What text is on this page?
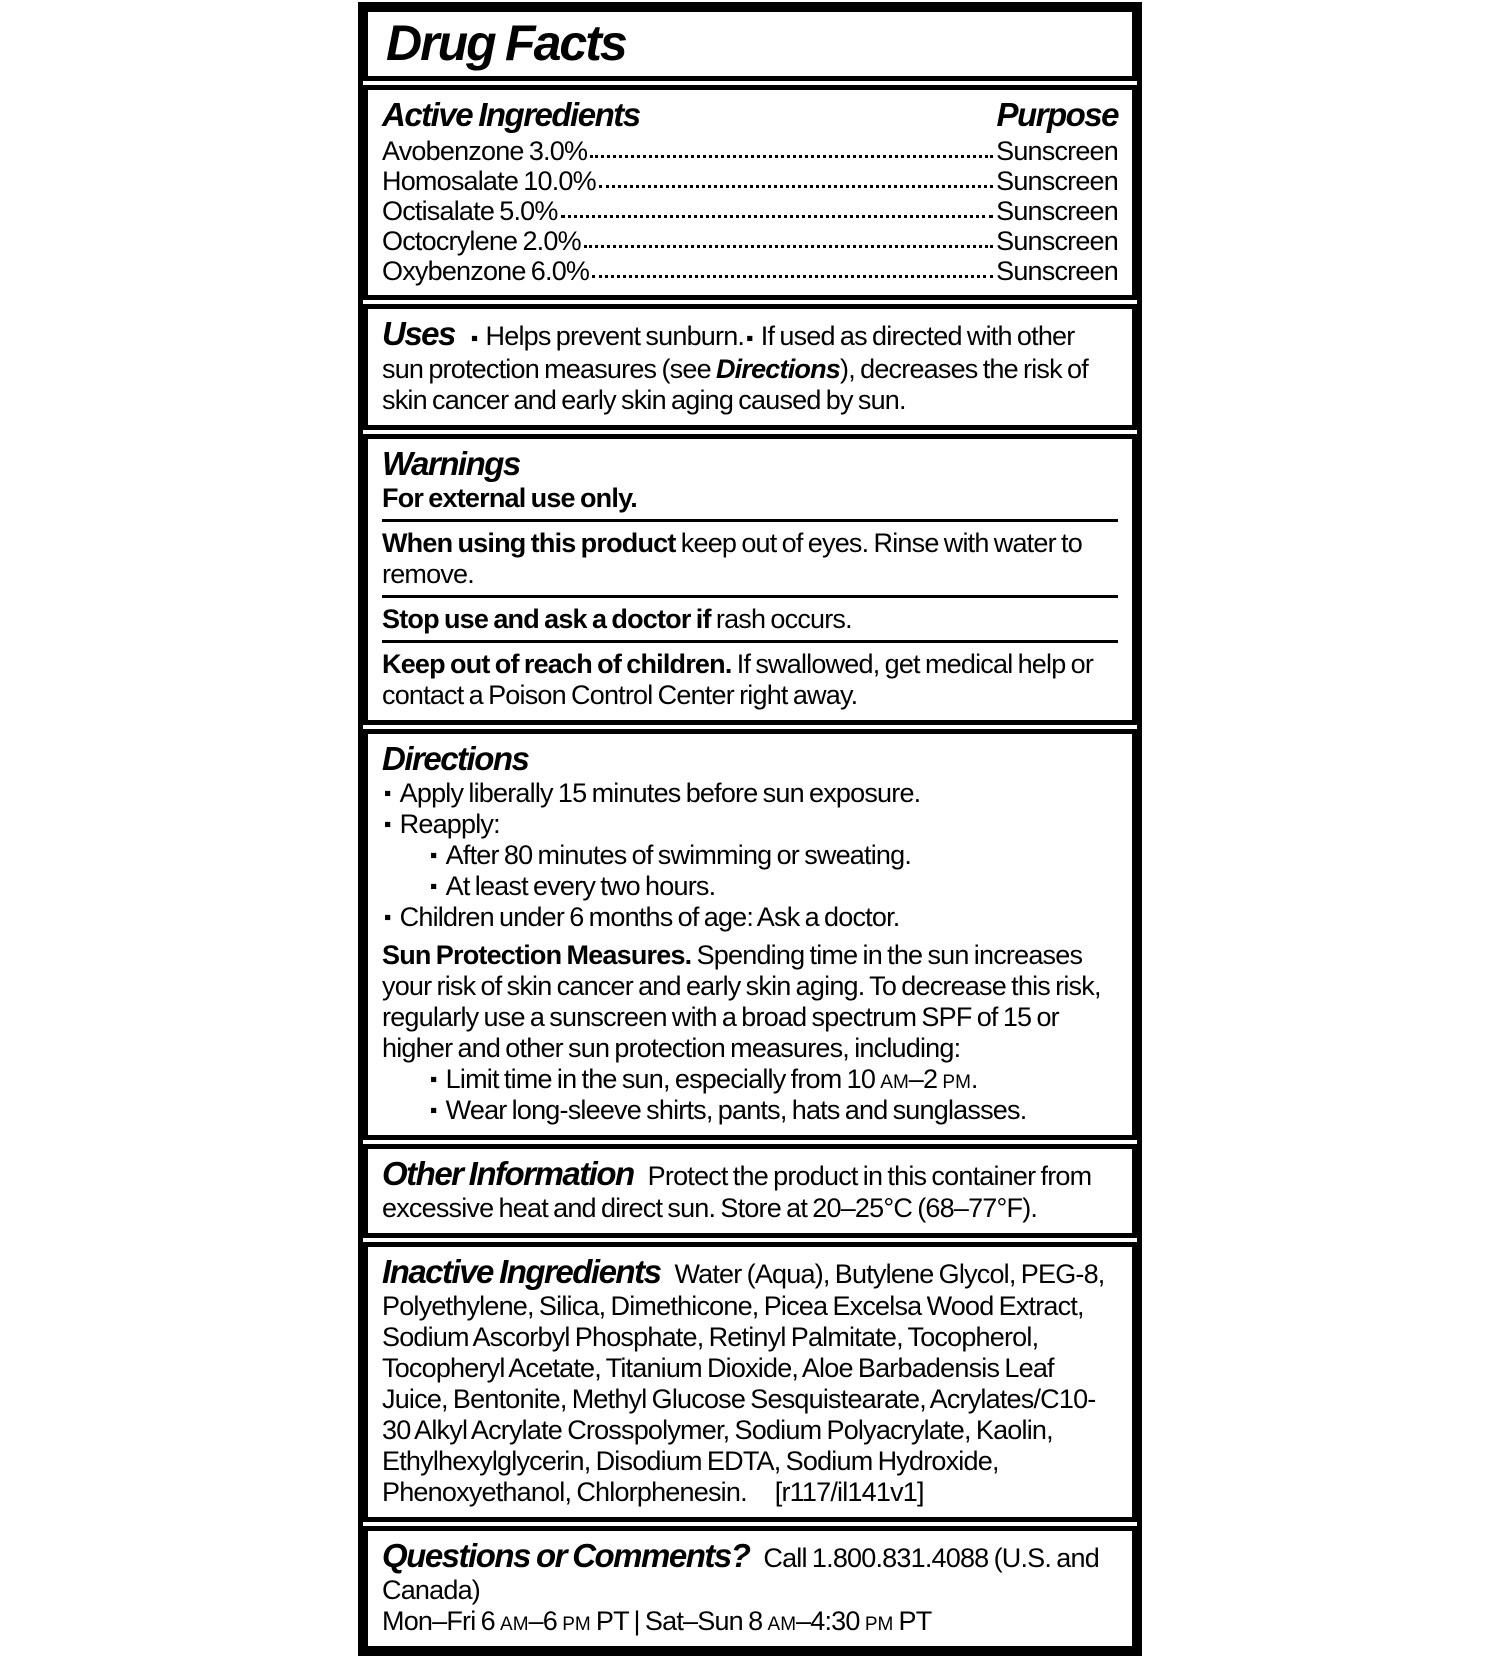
Drug Facts
Active Ingredients	Purpose
Avobenzone 3.0%	Sunscreen
Homosalate 10.0%	Sunscreen
Octisalate 5.0%	Sunscreen
Octocrylene 2.0%	Sunscreen
Oxybenzone 6.0%	Sunscreen

Uses ▪ Helps prevent sunburn.▪ If used as directed with other sun protection measures (see Directions), decreases the risk of skin cancer and early skin aging caused by sun.

Warnings

For external use only.

When using this product keep out of eyes. Rinse with water to remove.

Stop use and ask a doctor if rash occurs.

Keep out of reach of children. If swallowed, get medical help or contact a Poison Control Center right away.

Directions
▪ Apply liberally 15 minutes before sun exposure.
▪ Reapply:
▪ After 80 minutes of swimming or sweating.
▪ At least every two hours.
▪ Children under 6 months of age: Ask a doctor.

Sun Protection Measures. Spending time in the sun increases your risk of skin cancer and early skin aging. To decrease this risk, regularly use a sunscreen with a broad spectrum SPF of 15 or higher and other sun protection measures, including:

▪ Limit time in the sun, especially from 10 am–2 pm.
▪ Wear long-sleeve shirts, pants, hats and sunglasses.

Other Information Protect the product in this container from excessive heat and direct sun. Store at 20–25°C (68–77°F).

Inactive Ingredients Water (Aqua), Butylene Glycol, PEG-8, Polyethylene, Silica, Dimethicone, Picea Excelsa Wood Extract, Sodium Ascorbyl Phosphate, Retinyl Palmitate, Tocopherol, Tocopheryl Acetate, Titanium Dioxide, Aloe Barbadensis Leaf Juice, Bentonite, Methyl Glucose Sesquistearate, Acrylates/C10-30 Alkyl Acrylate Crosspolymer, Sodium Polyacrylate, Kaolin, Ethylhexylglycerin, Disodium EDTA, Sodium Hydroxide, Phenoxyethanol, Chlorphenesin. [r117/il141v1]

Questions or Comments? Call 1.800.831.4088 (U.S. and Canada)

Mon–Fri 6 am–6 pm PT | Sat–Sun 8 am–4:30 pm PT
